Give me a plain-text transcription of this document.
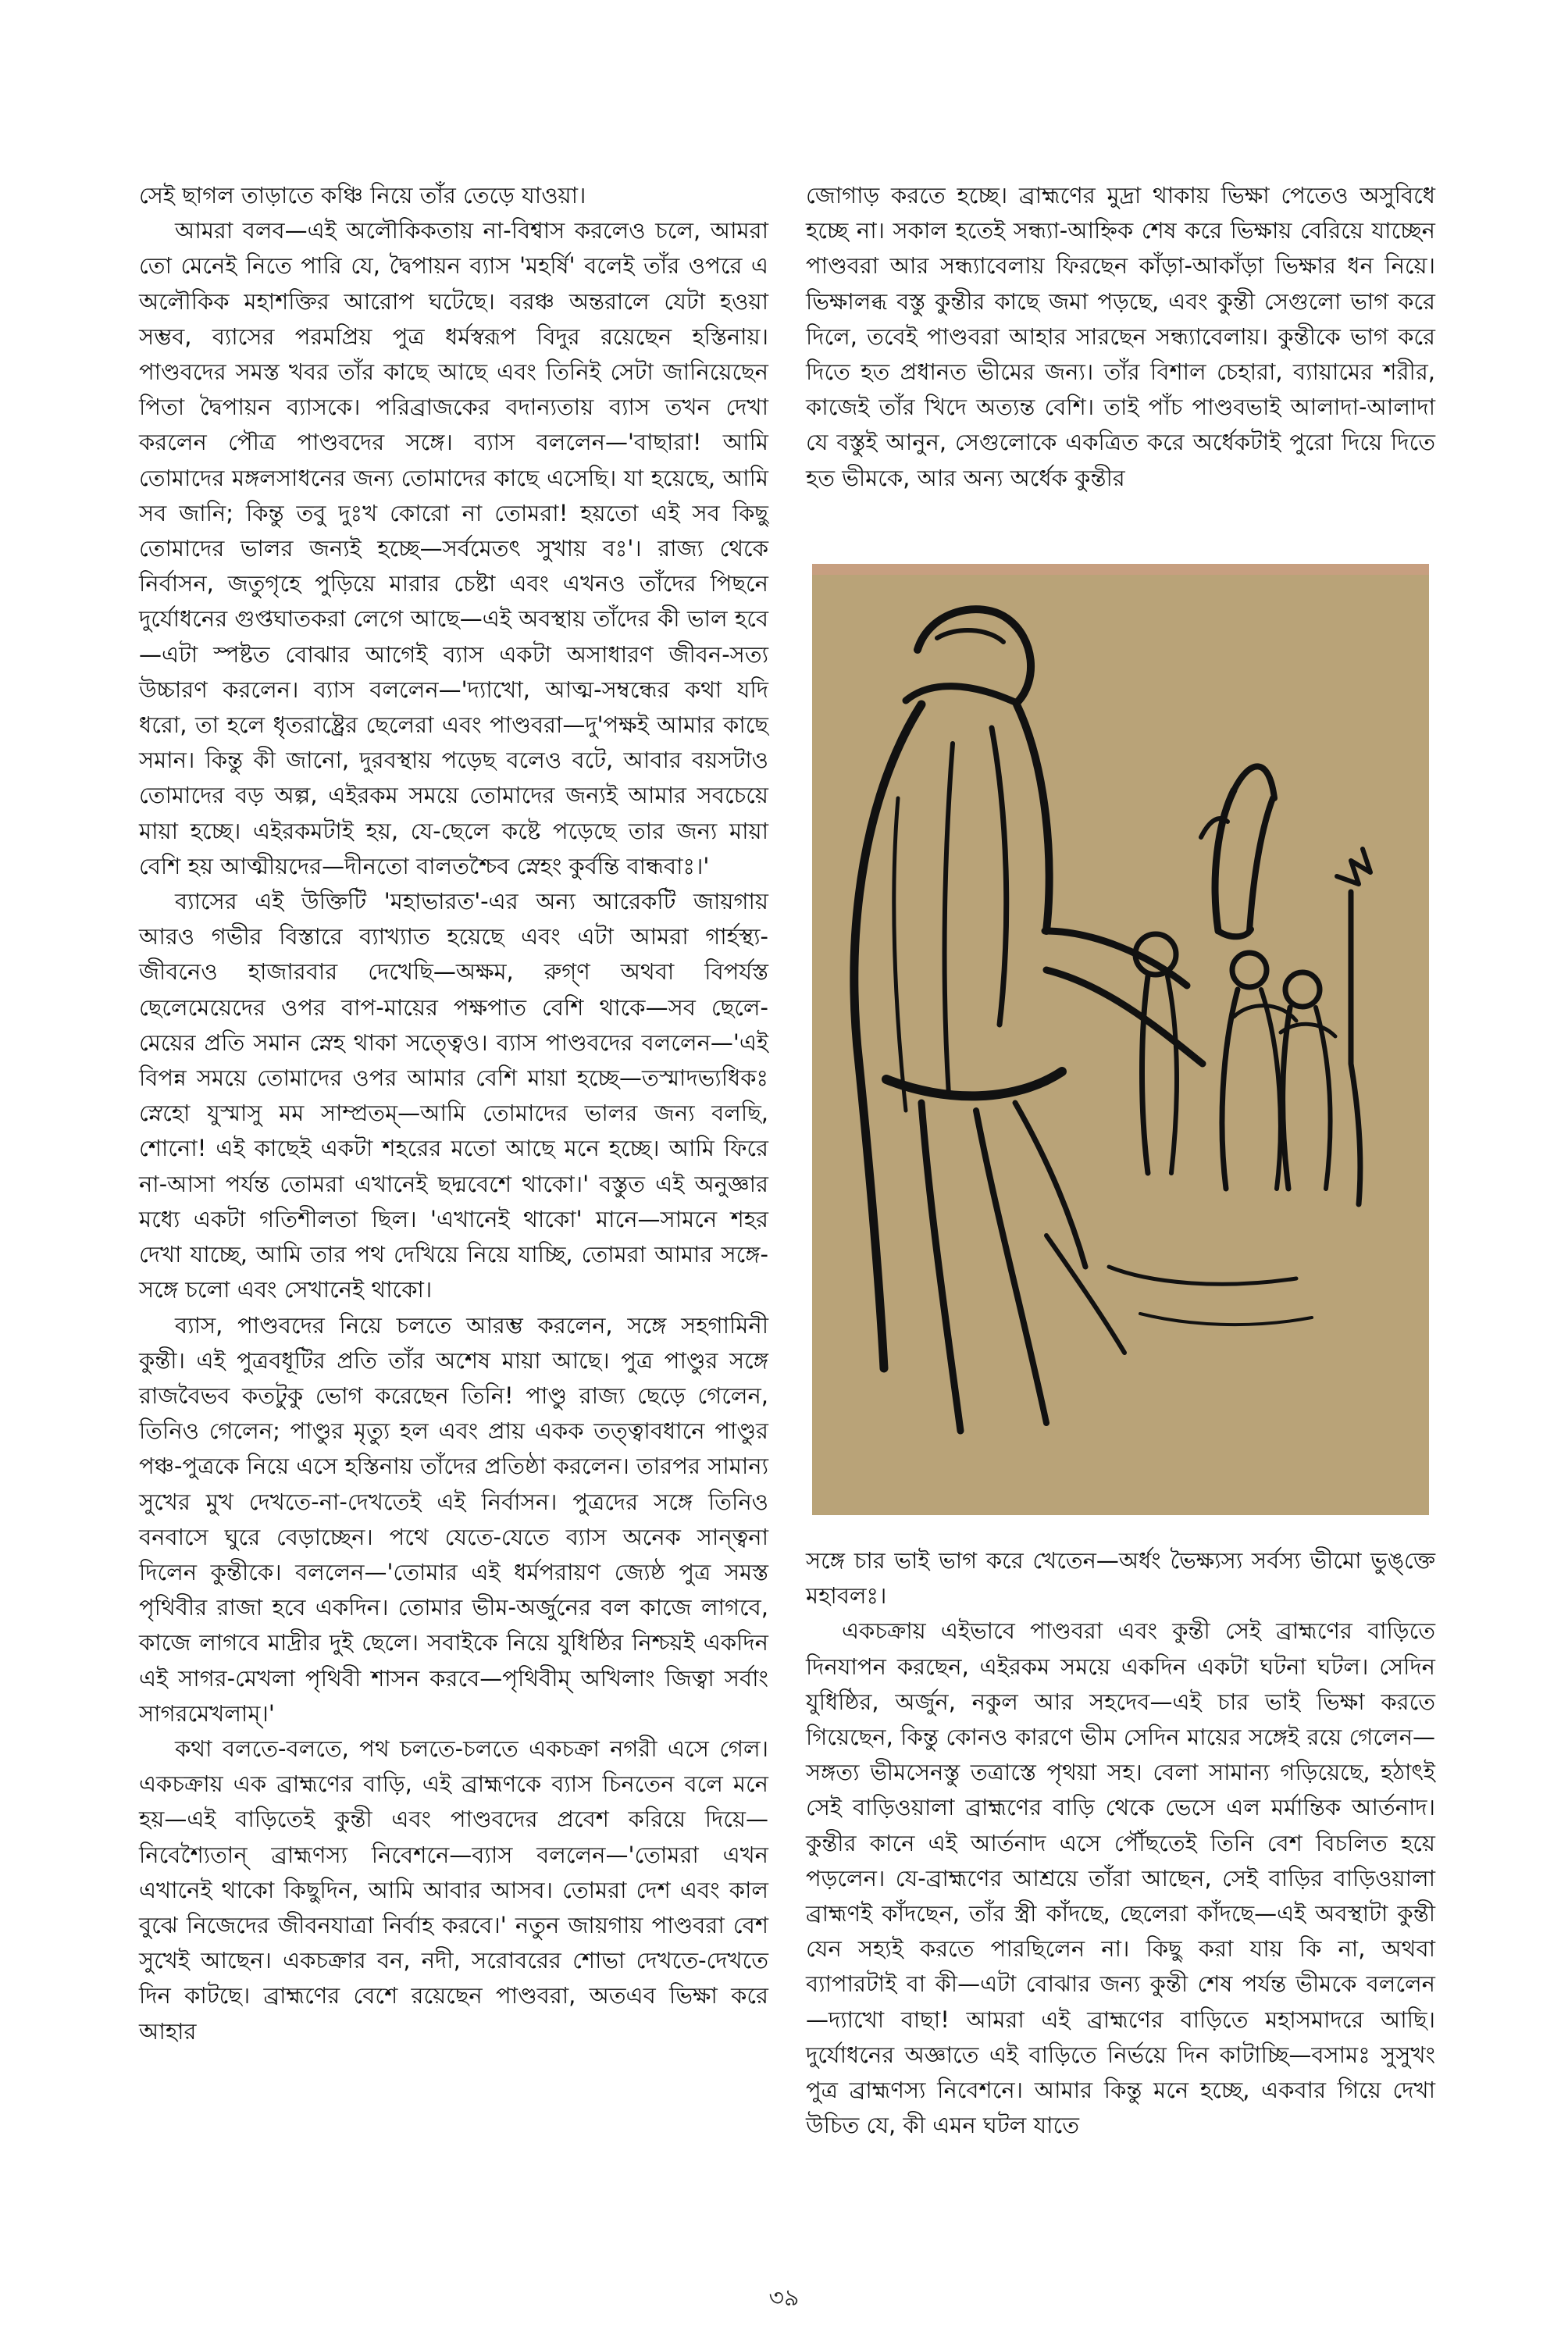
সেই ছাগল তাড়াতে কঞ্চি নিয়ে তাঁর তেড়ে যাওয়া।

আমরা বলব—এই অলৌকিকতায় না-বিশ্বাস করলেও চলে, আমরা তো মেনেই নিতে পারি যে, দ্বৈপায়ন ব্যাস 'মহর্ষি' বলেই তাঁর ওপরে এ অলৌকিক মহাশক্তির আরোপ ঘটেছে। বরঞ্চ অন্তরালে যেটা হওয়া সম্ভব, ব্যাসের পরমপ্রিয় পুত্র ধর্মস্বরূপ বিদুর রয়েছেন হস্তিনায়। পাণ্ডবদের সমস্ত খবর তাঁর কাছে আছে এবং তিনিই সেটা জানিয়েছেন পিতা দ্বৈপায়ন ব্যাসকে। পরিব্রাজকের বদান্যতায় ব্যাস তখন দেখা করলেন পৌত্র পাণ্ডবদের সঙ্গে। ব্যাস বললেন—'বাছারা! আমি তোমাদের মঙ্গলসাধনের জন্য তোমাদের কাছে এসেছি। যা হয়েছে, আমি সব জানি; কিন্তু তবু দুঃখ কোরো না তোমরা! হয়তো এই সব কিছু তোমাদের ভালর জন্যই হচ্ছে—সর্বমেতৎ সুখায় বঃ'। রাজ্য থেকে নির্বাসন, জতুগৃহে পুড়িয়ে মারার চেষ্টা এবং এখনও তাঁদের পিছনে দুর্যোধনের গুপ্তঘাতকরা লেগে আছে—এই অবস্থায় তাঁদের কী ভাল হবে—এটা স্পষ্টত বোঝার আগেই ব্যাস একটা অসাধারণ জীবন-সত্য উচ্চারণ করলেন। ব্যাস বললেন—'দ্যাখো, আত্ম-সম্বন্ধের কথা যদি ধরো, তা হলে ধৃতরাষ্ট্রের ছেলেরা এবং পাণ্ডবরা—দু'পক্ষই আমার কাছে সমান। কিন্তু কী জানো, দুরবস্থায় পড়েছ বলেও বটে, আবার বয়সটাও তোমাদের বড় অল্প, এইরকম সময়ে তোমাদের জন্যই আমার সবচেয়ে মায়া হচ্ছে। এইরকমটাই হয়, যে-ছেলে কষ্টে পড়েছে তার জন্য মায়া বেশি হয় আত্মীয়দের—দীনতো বালতশ্চৈব স্নেহং কুর্বন্তি বান্ধবাঃ।'

ব্যাসের এই উক্তিটি 'মহাভারত'-এর অন্য আরেকটি জায়গায় আরও গভীর বিস্তারে ব্যাখ্যাত হয়েছে এবং এটা আমরা গার্হস্থ্য-জীবনেও হাজারবার দেখেছি—অক্ষম, রুগ্ণ অথবা বিপর্যস্ত ছেলেমেয়েদের ওপর বাপ-মায়ের পক্ষপাত বেশি থাকে—সব ছেলে-মেয়ের প্রতি সমান স্নেহ থাকা সত্ত্বেও। ব্যাস পাণ্ডবদের বললেন—'এই বিপন্ন সময়ে তোমাদের ওপর আমার বেশি মায়া হচ্ছে—তস্মাদভ্যধিকঃ স্নেহো যুস্মাসু মম সাম্প্রতম্—আমি তোমাদের ভালর জন্য বলছি, শোনো! এই কাছেই একটা শহরের মতো আছে মনে হচ্ছে। আমি ফিরে না-আসা পর্যন্ত তোমরা এখানেই ছদ্মবেশে থাকো।' বস্তুত এই অনুজ্ঞার মধ্যে একটা গতিশীলতা ছিল। 'এখানেই থাকো' মানে—সামনে শহর দেখা যাচ্ছে, আমি তার পথ দেখিয়ে নিয়ে যাচ্ছি, তোমরা আমার সঙ্গে-সঙ্গে চলো এবং সেখানেই থাকো।

ব্যাস, পাণ্ডবদের নিয়ে চলতে আরম্ভ করলেন, সঙ্গে সহগামিনী কুন্তী। এই পুত্রবধূটির প্রতি তাঁর অশেষ মায়া আছে। পুত্র পাণ্ডুর সঙ্গে রাজবৈভব কতটুকু ভোগ করেছেন তিনি! পাণ্ডু রাজ্য ছেড়ে গেলেন, তিনিও গেলেন; পাণ্ডুর মৃত্যু হল এবং প্রায় একক তত্ত্বাবধানে পাণ্ডুর পঞ্চ-পুত্রকে নিয়ে এসে হস্তিনায় তাঁদের প্রতিষ্ঠা করলেন। তারপর সামান্য সুখের মুখ দেখতে-না-দেখতেই এই নির্বাসন। পুত্রদের সঙ্গে তিনিও বনবাসে ঘুরে বেড়াচ্ছেন। পথে যেতে-যেতে ব্যাস অনেক সান্ত্বনা দিলেন কুন্তীকে। বললেন—'তোমার এই ধর্মপরায়ণ জ্যেষ্ঠ পুত্র সমস্ত পৃথিবীর রাজা হবে একদিন। তোমার ভীম-অর্জুনের বল কাজে লাগবে, কাজে লাগবে মাদ্রীর দুই ছেলে। সবাইকে নিয়ে যুধিষ্ঠির নিশ্চয়ই একদিন এই সাগর-মেখলা পৃথিবী শাসন করবে—পৃথিবীম্ অখিলাং জিত্বা সর্বাং সাগরমেখলাম্।'

কথা বলতে-বলতে, পথ চলতে-চলতে একচক্রা নগরী এসে গেল। একচক্রায় এক ব্রাহ্মণের বাড়ি, এই ব্রাহ্মণকে ব্যাস চিনতেন বলে মনে হয়—এই বাড়িতেই কুন্তী এবং পাণ্ডবদের প্রবেশ করিয়ে দিয়ে—নিবেশ্যৈতান্ ব্রাহ্মণস্য নিবেশনে—ব্যাস বললেন—'তোমরা এখন এখানেই থাকো কিছুদিন, আমি আবার আসব। তোমরা দেশ এবং কাল বুঝে নিজেদের জীবনযাত্রা নির্বাহ করবে।' নতুন জায়গায় পাণ্ডবরা বেশ সুখেই আছেন। একচক্রার বন, নদী, সরোবরের শোভা দেখতে-দেখতে দিন কাটছে। ব্রাহ্মণের বেশে রয়েছেন পাণ্ডবরা, অতএব ভিক্ষা করে আহার

জোগাড় করতে হচ্ছে। ব্রাহ্মণের মুদ্রা থাকায় ভিক্ষা পেতেও অসুবিধে হচ্ছে না। সকাল হতেই সন্ধ্যা-আহ্নিক শেষ করে ভিক্ষায় বেরিয়ে যাচ্ছেন পাণ্ডবরা আর সন্ধ্যাবেলায় ফিরছেন কাঁড়া-আকাঁড়া ভিক্ষার ধন নিয়ে। ভিক্ষালব্ধ বস্তু কুন্তীর কাছে জমা পড়ছে, এবং কুন্তী সেগুলো ভাগ করে দিলে, তবেই পাণ্ডবরা আহার সারছেন সন্ধ্যাবেলায়। কুন্তীকে ভাগ করে দিতে হত প্রধানত ভীমের জন্য। তাঁর বিশাল চেহারা, ব্যায়ামের শরীর, কাজেই তাঁর খিদে অত্যন্ত বেশি। তাই পাঁচ পাণ্ডবভাই আলাদা-আলাদা যে বস্তুই আনুন, সেগুলোকে একত্রিত করে অর্ধেকটাই পুরো দিয়ে দিতে হত ভীমকে, আর অন্য অর্ধেক কুন্তীর

সঙ্গে চার ভাই ভাগ করে খেতেন—অর্ধং ভৈক্ষ্যস্য সর্বস্য ভীমো ভুঙ্‌ক্তে মহাবলঃ।

একচক্রায় এইভাবে পাণ্ডবরা এবং কুন্তী সেই ব্রাহ্মণের বাড়িতে দিনযাপন করছেন, এইরকম সময়ে একদিন একটা ঘটনা ঘটল। সেদিন যুধিষ্ঠির, অর্জুন, নকুল আর সহদেব—এই চার ভাই ভিক্ষা করতে গিয়েছেন, কিন্তু কোনও কারণে ভীম সেদিন মায়ের সঙ্গেই রয়ে গেলেন—সঙ্গত্য ভীমসেনস্তু তত্রাস্তে পৃথয়া সহ। বেলা সামান্য গড়িয়েছে, হঠাৎই সেই বাড়িওয়ালা ব্রাহ্মণের বাড়ি থেকে ভেসে এল মর্মান্তিক আর্তনাদ। কুন্তীর কানে এই আর্তনাদ এসে পৌঁছতেই তিনি বেশ বিচলিত হয়ে পড়লেন। যে-ব্রাহ্মণের আশ্রয়ে তাঁরা আছেন, সেই বাড়ির বাড়িওয়ালা ব্রাহ্মণই কাঁদছেন, তাঁর স্ত্রী কাঁদছে, ছেলেরা কাঁদছে—এই অবস্থাটা কুন্তী যেন সহ্যই করতে পারছিলেন না। কিছু করা যায় কি না, অথবা ব্যাপারটাই বা কী—এটা বোঝার জন্য কুন্তী শেষ পর্যন্ত ভীমকে বললেন—দ্যাখো বাছা! আমরা এই ব্রাহ্মণের বাড়িতে মহাসমাদরে আছি। দুর্যোধনের অজ্ঞাতে এই বাড়িতে নির্ভয়ে দিন কাটাচ্ছি—বসামঃ সুসুখং পুত্র ব্রাহ্মণস্য নিবেশনে। আমার কিন্তু মনে হচ্ছে, একবার গিয়ে দেখা উচিত যে, কী এমন ঘটল যাতে

৩৯
